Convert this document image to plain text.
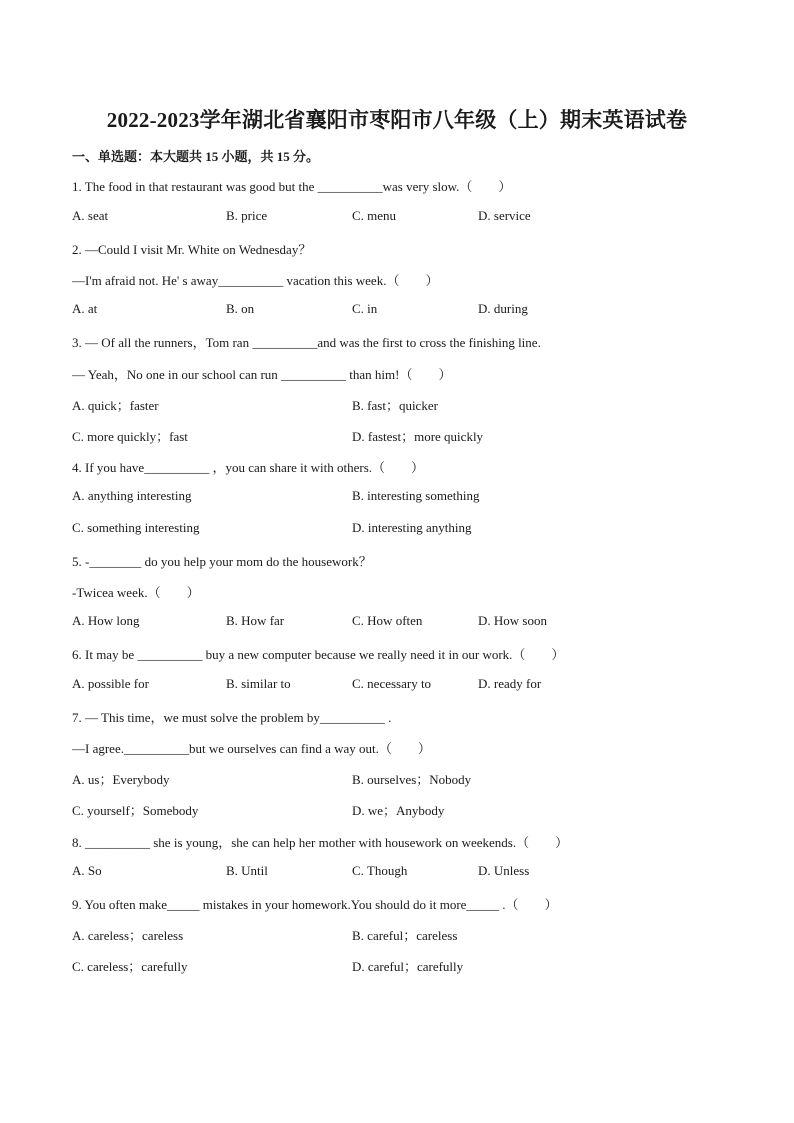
2022-2023学年湖北省襄阳市枣阳市八年级（上）期末英语试卷
一、单选题：本大题共 15 小题，共 15 分。
1. The food in that restaurant was good but the __________was very slow.（　　）
A. seat	B. price	C. menu	D. service
2. —Could I visit Mr. White on Wednesday？
—I'm afraid not. He' s away__________ vacation this week.（　　）
A. at	B. on	C. in	D. during
3. — Of all the runners，Tom ran __________and was the first to cross the finishing line.
— Yeah，No one in our school can run __________ than him!（　　）
A. quick；faster	B. fast；quicker
C. more quickly；fast	D. fastest；more quickly
4. If you have__________ ，you can share it with others.（　　）
A. anything interesting	B. interesting something
C. something interesting	D. interesting anything
5. -________ do you help your mom do the housework？
-Twicea week.（　　）
A. How long	B. How far	C. How often	D. How soon
6. It may be __________ buy a new computer because we really need it in our work.（　　）
A. possible for	B. similar to	C. necessary to	D. ready for
7. — This time，we must solve the problem by__________ .
—I agree.__________but we ourselves can find a way out.（　　）
A. us；Everybody	B. ourselves；Nobody
C. yourself；Somebody	D. we；Anybody
8. __________ she is young，she can help her mother with housework on weekends.（　　）
A. So	B. Until	C. Though	D. Unless
9. You often make_____ mistakes in your homework.You should do it more_____ .（　　）
A. careless；careless	B. careful；careless
C. careless；carefully	D. careful；carefully
